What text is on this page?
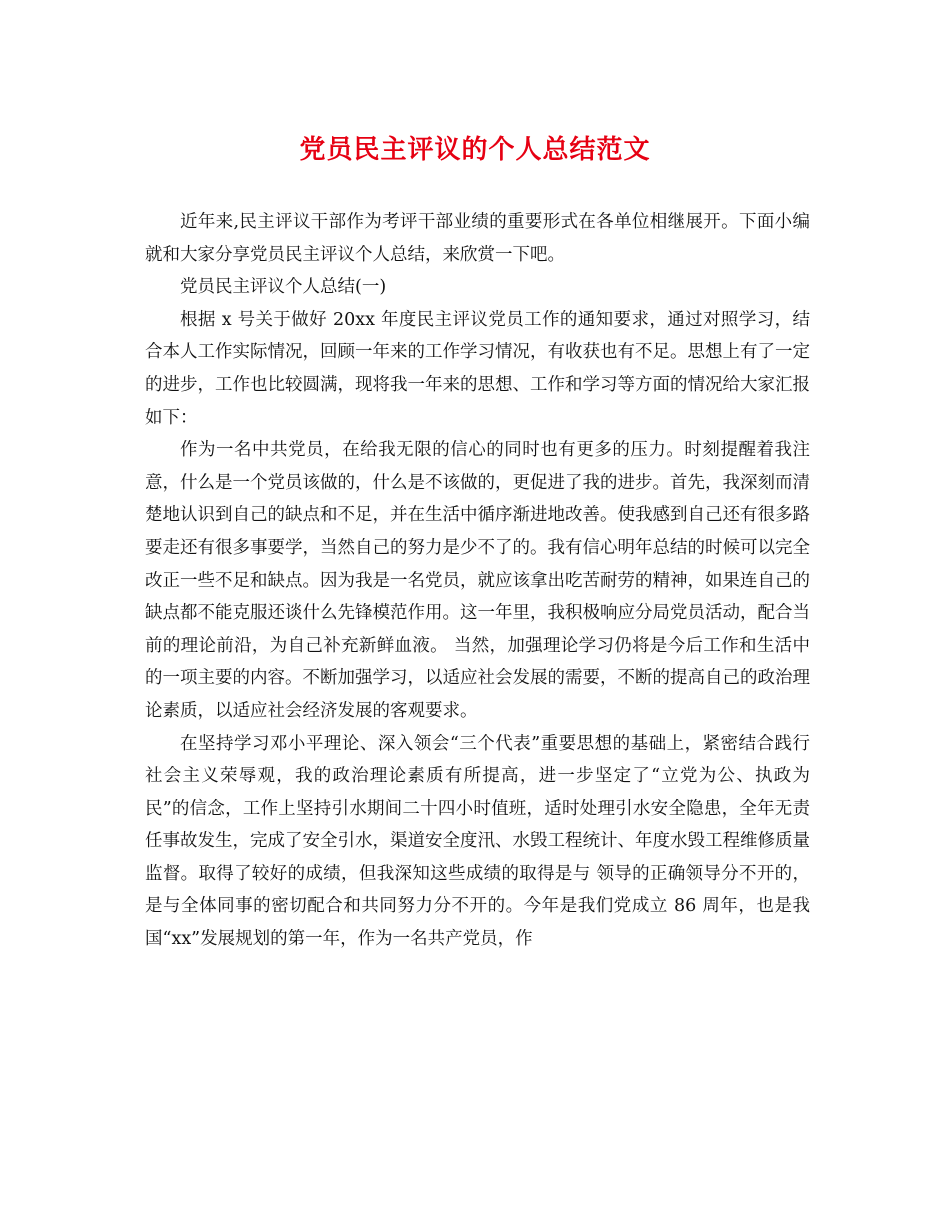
党员民主评议的个人总结范文

近年来,民主评议干部作为考评干部业绩的重要形式在各单位相继展开。下面小编就和大家分享党员民主评议个人总结，来欣赏一下吧。

党员民主评议个人总结(一)

根据 x 号关于做好 20xx 年度民主评议党员工作的通知要求，通过对照学习，结合本人工作实际情况，回顾一年来的工作学习情况，有收获也有不足。思想上有了一定的进步，工作也比较圆满，现将我一年来的思想、工作和学习等方面的情况给大家汇报如下：

作为一名中共党员，在给我无限的信心的同时也有更多的压力。时刻提醒着我注意，什么是一个党员该做的，什么是不该做的，更促进了我的进步。首先，我深刻而清楚地认识到自己的缺点和不足，并在生活中循序渐进地改善。使我感到自己还有很多路要走还有很多事要学，当然自己的努力是少不了的。我有信心明年总结的时候可以完全改正一些不足和缺点。因为我是一名党员，就应该拿出吃苦耐劳的精神，如果连自己的缺点都不能克服还谈什么先锋模范作用。这一年里，我积极响应分局党员活动，配合当前的理论前沿，为自己补充新鲜血液。 当然，加强理论学习仍将是今后工作和生活中的一项主要的内容。不断加强学习，以适应社会发展的需要，不断的提高自己的政治理论素质，以适应社会经济发展的客观要求。

在坚持学习邓小平理论、深入领会“三个代表”重要思想的基础上，紧密结合践行社会主义荣辱观，我的政治理论素质有所提高，进一步坚定了“立党为公、执政为民”的信念，工作上坚持引水期间二十四小时值班，适时处理引水安全隐患，全年无责任事故发生，完成了安全引水，渠道安全度汛、水毁工程统计、年度水毁工程维修质量监督。取得了较好的成绩，但我深知这些成绩的取得是与 领导的正确领导分不开的，是与全体同事的密切配合和共同努力分不开的。今年是我们党成立 86 周年，也是我国“xx”发展规划的第一年，作为一名共产党员，作
